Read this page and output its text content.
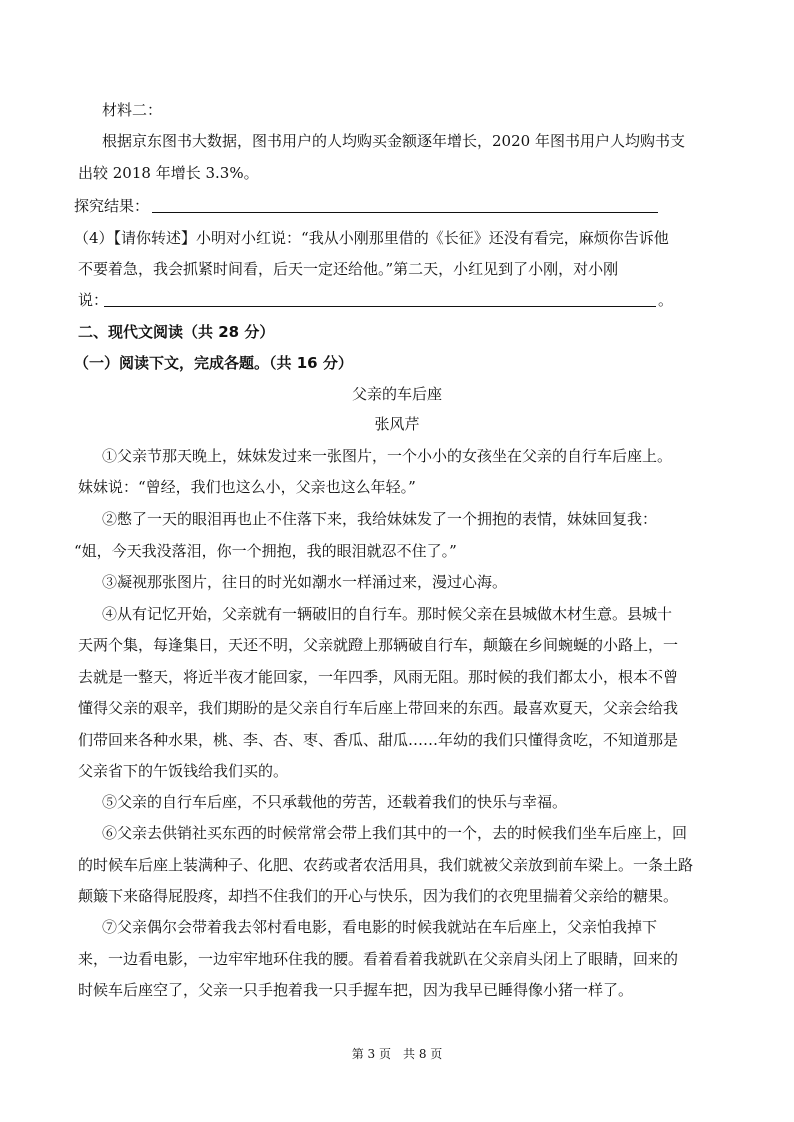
材料二：
根据京东图书大数据，图书用户的人均购买金额逐年增长，2020 年图书用户人均购书支
出较 2018 年增长 3.3%。
探究结果：
（4）【请你转述】小明对小红说：“我从小刚那里借的《长征》还没有看完，麻烦你告诉他
不要着急，我会抓紧时间看，后天一定还给他。”第二天，小红见到了小刚，对小刚
说：	。
二、现代文阅读（共 28 分）
（一）阅读下文，完成各题。（共 16 分）
父亲的车后座
张风芹
①父亲节那天晚上，妹妹发过来一张图片，一个小小的女孩坐在父亲的自行车后座上。
妹妹说：“曾经，我们也这么小，父亲也这么年轻。”
②憋了一天的眼泪再也止不住落下来，我给妹妹发了一个拥抱的表情，妹妹回复我：
“姐，今天我没落泪，你一个拥抱，我的眼泪就忍不住了。”
③凝视那张图片，往日的时光如潮水一样涌过来，漫过心海。
④从有记忆开始，父亲就有一辆破旧的自行车。那时候父亲在县城做木材生意。县城十
天两个集，每逢集日，天还不明，父亲就蹬上那辆破自行车，颠簸在乡间蜿蜒的小路上，一
去就是一整天，将近半夜才能回家，一年四季，风雨无阻。那时候的我们都太小，根本不曾
懂得父亲的艰辛，我们期盼的是父亲自行车后座上带回来的东西。最喜欢夏天，父亲会给我
们带回来各种水果，桃、李、杏、枣、香瓜、甜瓜……年幼的我们只懂得贪吃，不知道那是
父亲省下的午饭钱给我们买的。
⑤父亲的自行车后座，不只承载他的劳苦，还载着我们的快乐与幸福。
⑥父亲去供销社买东西的时候常常会带上我们其中的一个，去的时候我们坐车后座上，回
的时候车后座上装满种子、化肥、农药或者农活用具，我们就被父亲放到前车梁上。一条土路
颠簸下来硌得屁股疼，却挡不住我们的开心与快乐，因为我们的衣兜里揣着父亲给的糖果。
⑦父亲偶尔会带着我去邻村看电影，看电影的时候我就站在车后座上，父亲怕我掉下
来，一边看电影，一边牢牢地环住我的腰。看着看着我就趴在父亲肩头闭上了眼睛，回来的
时候车后座空了，父亲一只手抱着我一只手握车把，因为我早已睡得像小猪一样了。
第 3 页　共 8 页
